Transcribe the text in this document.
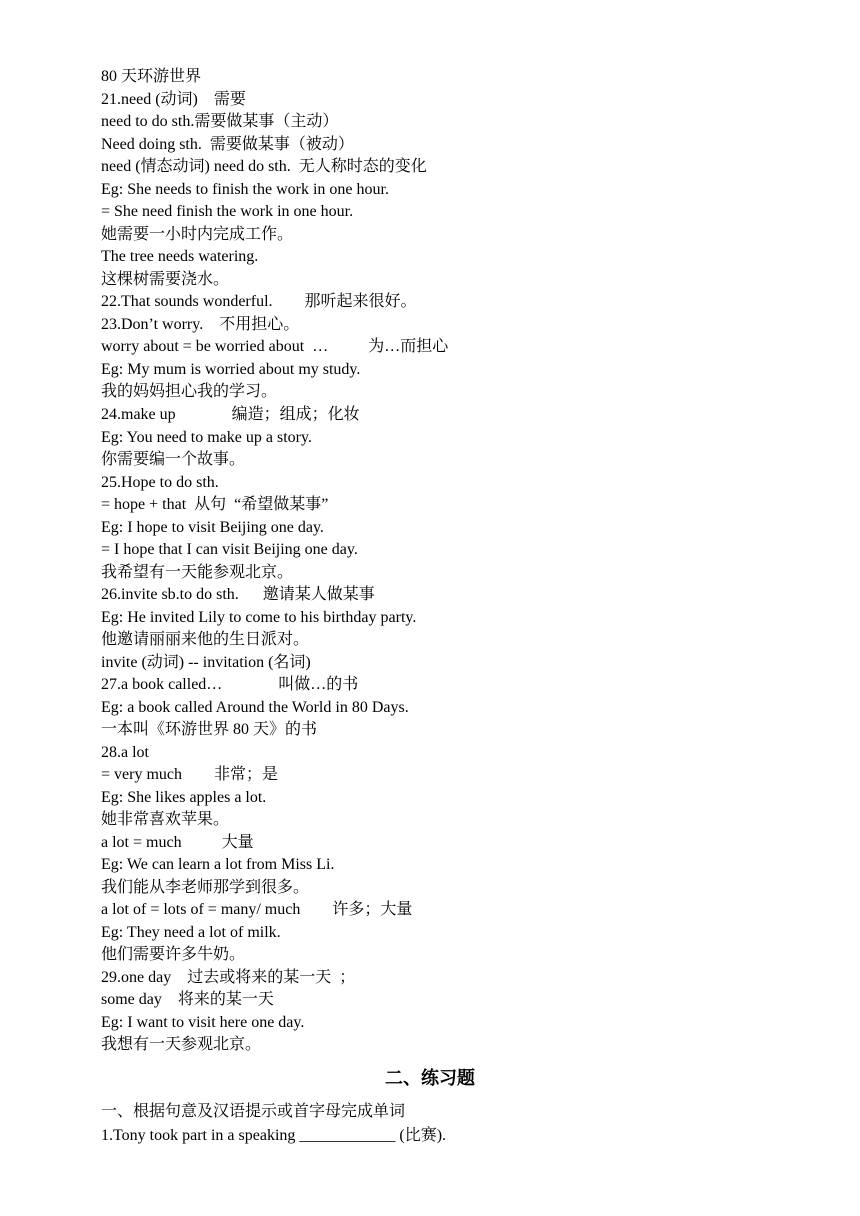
80 天环游世界
21.need (动词)    需要
need to do sth.需要做某事（主动）
Need doing sth.  需要做某事（被动）
need (情态动词) need do sth.  无人称时态的变化
Eg: She needs to finish the work in one hour.
= She need finish the work in one hour.
她需要一小时内完成工作。
The tree needs watering.
这棵树需要浇水。
22.That sounds wonderful.        那听起来很好。
23.Don’t worry.    不用担心。
worry about = be worried about  …          为…而担心
Eg: My mum is worried about my study.
我的妈妈担心我的学习。
24.make up              编造；组成；化妆
Eg: You need to make up a story.
你需要编一个故事。
25.Hope to do sth.
= hope + that  从句  “希望做某事”
Eg: I hope to visit Beijing one day.
= I hope that I can visit Beijing one day.
我希望有一天能参观北京。
26.invite sb.to do sth.      邀请某人做某事
Eg: He invited Lily to come to his birthday party.
他邀请丽丽来他的生日派对。
invite (动词) -- invitation (名词)
27.a book called…              叫做…的书
Eg: a book called Around the World in 80 Days.
一本叫《环游世界 80 天》的书
28.a lot
= very much        非常；是
Eg: She likes apples a lot.
她非常喜欢苹果。
a lot = much          大量
Eg: We can learn a lot from Miss Li.
我们能从李老师那学到很多。
a lot of = lots of = many/ much        许多；大量
Eg: They need a lot of milk.
他们需要许多牛奶。
29.one day    过去或将来的某一天  ；
some day    将来的某一天
Eg: I want to visit here one day.
我想有一天参观北京。
二、练习题
一、根据句意及汉语提示或首字母完成单词
1.Tony took part in a speaking ____________ (比赛).
